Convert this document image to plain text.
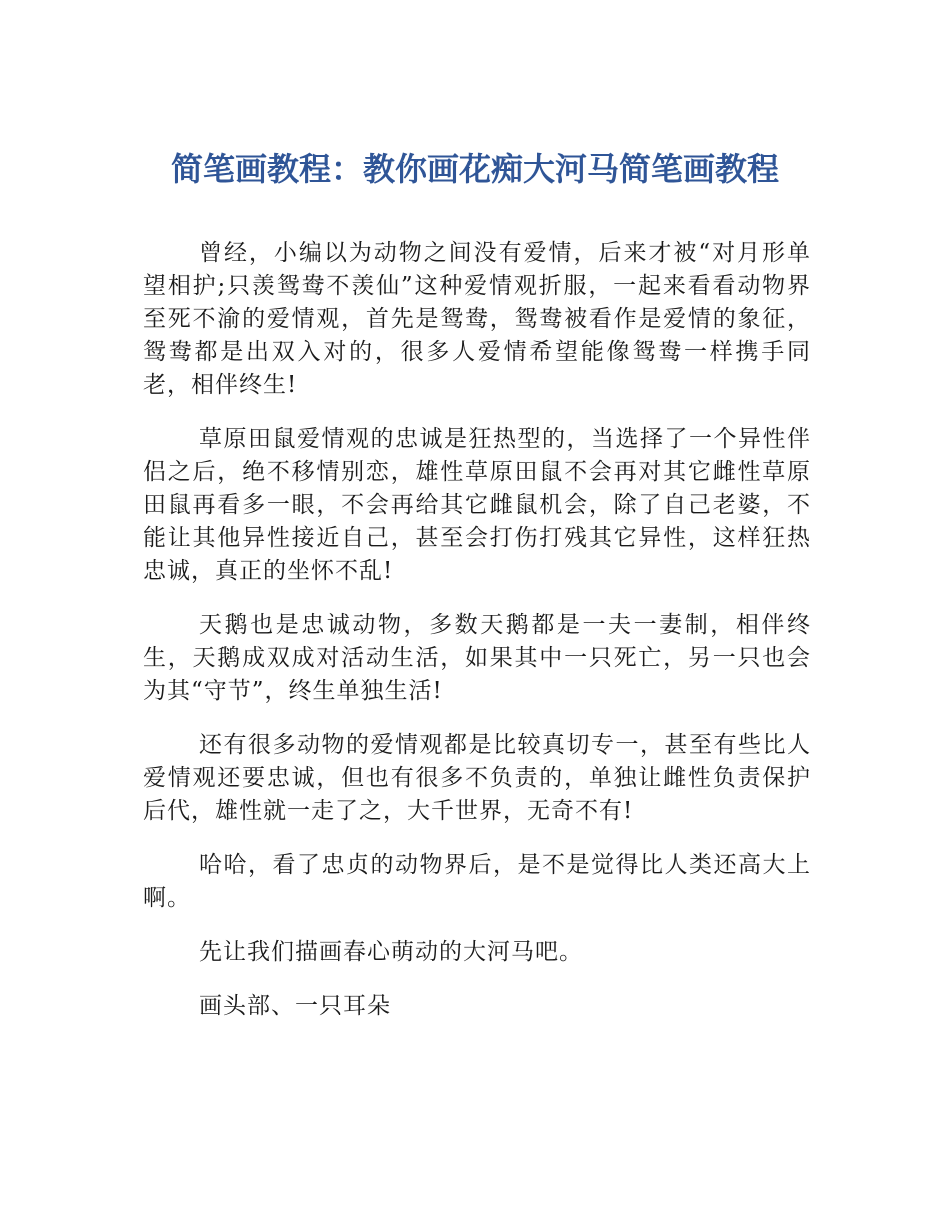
简笔画教程：教你画花痴大河马简笔画教程

曾经，小编以为动物之间没有爱情，后来才被“对月形单望相护;只羡鸳鸯不羡仙”这种爱情观折服，一起来看看动物界至死不渝的爱情观，首先是鸳鸯，鸳鸯被看作是爱情的象征，鸳鸯都是出双入对的，很多人爱情希望能像鸳鸯一样携手同老，相伴终生!

草原田鼠爱情观的忠诚是狂热型的，当选择了一个异性伴侣之后，绝不移情别恋，雄性草原田鼠不会再对其它雌性草原田鼠再看多一眼，不会再给其它雌鼠机会，除了自己老婆，不能让其他异性接近自己，甚至会打伤打残其它异性，这样狂热忠诚，真正的坐怀不乱!

天鹅也是忠诚动物，多数天鹅都是一夫一妻制，相伴终生，天鹅成双成对活动生活，如果其中一只死亡，另一只也会为其“守节”，终生单独生活!

还有很多动物的爱情观都是比较真切专一，甚至有些比人爱情观还要忠诚，但也有很多不负责的，单独让雌性负责保护后代，雄性就一走了之，大千世界，无奇不有!

哈哈，看了忠贞的动物界后，是不是觉得比人类还高大上啊。

先让我们描画春心萌动的大河马吧。

画头部、一只耳朵
